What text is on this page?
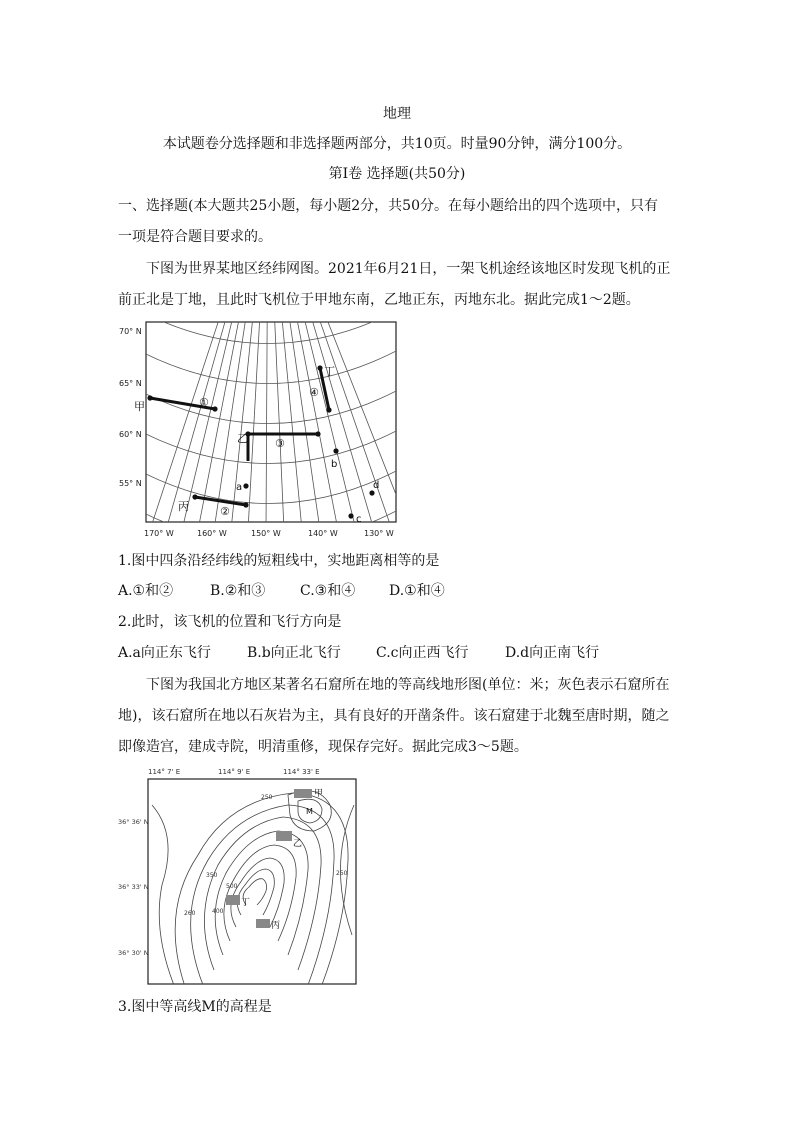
地理
本试题卷分选择题和非选择题两部分，共10页。时量90分钟，满分100分。
第Ⅰ卷 选择题(共50分)
一、选择题(本大题共25小题，每小题2分，共50分。在每小题给出的四个选项中，只有
一项是符合题目要求的。
下图为世界某地区经纬网图。2021年6月21日，一架飞机途经该地区时发现飞机的正
前正北是丁地，且此时飞机位于甲地东南，乙地正东，丙地东北。据此完成1～2题。
70° N
65° N
60° N
55° N
170° W	160° W	150° W	140° W	130° W
甲
乙
丙
丁
a
b
c
d
①
②
③
④
1.图中四条沿经纬线的短粗线中，实地距离相等的是
A.①和②	B.②和③ C.③和④ D.①和④
2.此时，该飞机的位置和飞行方向是
A.a向正东飞行	B.b向正北飞行	C.c向正西飞行	D.d向正南飞行
下图为我国北方地区某著名石窟所在地的等高线地形图(单位：米；灰色表示石窟所在
地)，该石窟所在地以石灰岩为主，具有良好的开凿条件。该石窟建于北魏至唐时期，随之
即像造宫，建成寺院，明清重修，现保存完好。据此完成3～5题。
114° 7' E	114° 9' E	114° 33' E
36° 36' N
36° 33' N
36° 30' N
甲
乙
丙
丁
M
250
250
350
400
500
260
3.图中等高线M的高程是
